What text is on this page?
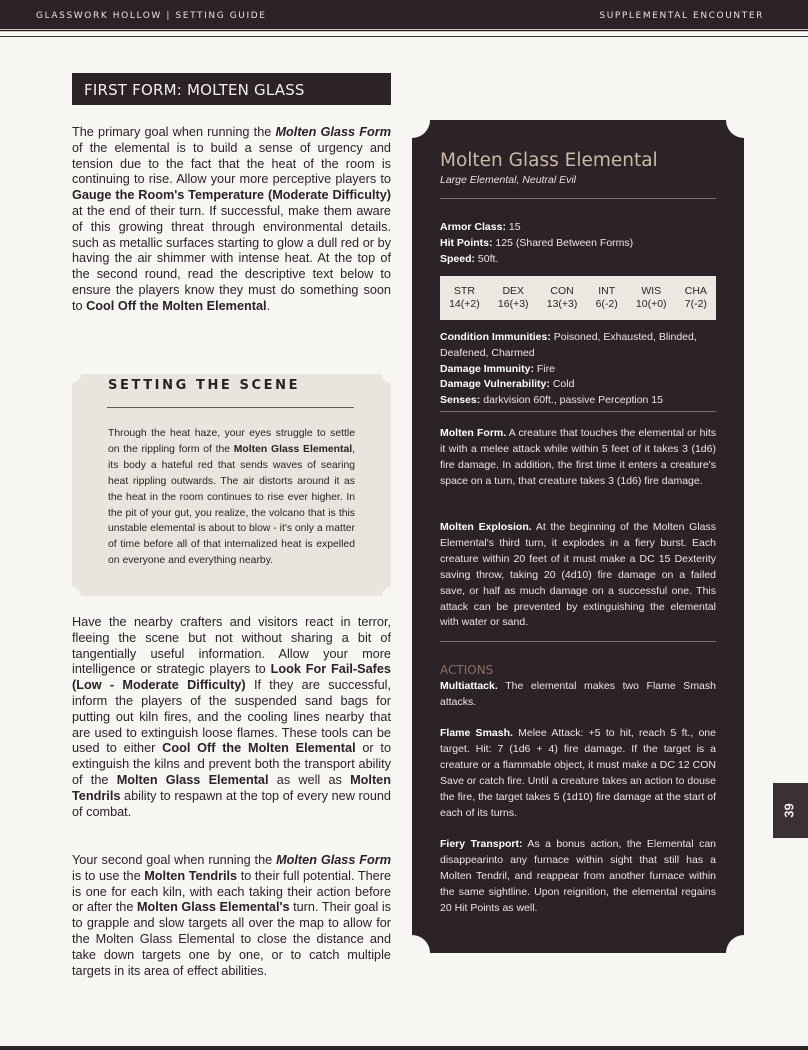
GLASSWORK HOLLOW | SETTING GUIDE	SUPPLEMENTAL ENCOUNTER
FIRST FORM: MOLTEN GLASS
The primary goal when running the Molten Glass Form of the elemental is to build a sense of urgency and tension due to the fact that the heat of the room is continuing to rise. Allow your more perceptive players to Gauge the Room's Temperature (Moderate Difficulty) at the end of their turn. If successful, make them aware of this growing threat through environmental details. such as metallic surfaces starting to glow a dull red or by having the air shimmer with intense heat. At the top of the second round, read the descriptive text below to ensure the players know they must do something soon to Cool Off the Molten Elemental.
SETTING THE SCENE
Through the heat haze, your eyes struggle to settle on the rippling form of the Molten Glass Elemental, its body a hateful red that sends waves of searing heat rippling outwards. The air distorts around it as the heat in the room continues to rise ever higher. In the pit of your gut, you realize, the volcano that is this unstable elemental is about to blow - it's only a matter of time before all of that internalized heat is expelled on everyone and everything nearby.
Have the nearby crafters and visitors react in terror, fleeing the scene but not without sharing a bit of tangentially useful information. Allow your more intelligence or strategic players to Look For Fail-Safes (Low - Moderate Difficulty) If they are successful, inform the players of the suspended sand bags for putting out kiln fires, and the cooling lines nearby that are used to extinguish loose flames. These tools can be used to either Cool Off the Molten Elemental or to extinguish the kilns and prevent both the transport ability of the Molten Glass Elemental as well as Molten Tendrils ability to respawn at the top of every new round of combat.
Your second goal when running the Molten Glass Form is to use the Molten Tendrils to their full potential. There is one for each kiln, with each taking their action before or after the Molten Glass Elemental's turn. Their goal is to grapple and slow targets all over the map to allow for the Molten Glass Elemental to close the distance and take down targets one by one, or to catch multiple targets in its area of effect abilities.
Molten Glass Elemental
Large Elemental, Neutral Evil
Armor Class: 15
Hit Points: 125 (Shared Between Forms)
Speed: 50ft.
STR
14(+2)
DEX
16(+3)
CON
13(+3)
INT
6(-2)
WIS
10(+0)
CHA
7(-2)
Condition Immunities: Poisoned, Exhausted, Blinded, Deafened, Charmed
Damage Immunity: Fire
Damage Vulnerability: Cold
Senses: darkvision 60ft., passive Perception 15
Molten Form. A creature that touches the elemental or hits it with a melee attack while within 5 feet of it takes 3 (1d6) fire damage. In addition, the first time it enters a creature's space on a turn, that creature takes 3 (1d6) fire damage.
Molten Explosion. At the beginning of the Molten Glass Elemental's third turn, it explodes in a fiery burst. Each creature within 20 feet of it must make a DC 15 Dexterity saving throw, taking 20 (4d10) fire damage on a failed save, or half as much damage on a successful one. This attack can be prevented by extinguishing the elemental with water or sand.
ACTIONS
Multiattack. The elemental makes two Flame Smash attacks.
Flame Smash. Melee Attack: +5 to hit, reach 5 ft., one target. Hit: 7 (1d6 + 4) fire damage. If the target is a creature or a flammable object, it must make a DC 12 CON Save or catch fire. Until a creature takes an action to douse the fire, the target takes 5 (1d10) fire damage at the start of each of its turns.
Fiery Transport: As a bonus action, the Elemental can disappearinto any furnace within sight that still has a Molten Tendril, and reappear from another furnace within the same sightline. Upon reignition, the elemental regains 20 Hit Points as well.
39
